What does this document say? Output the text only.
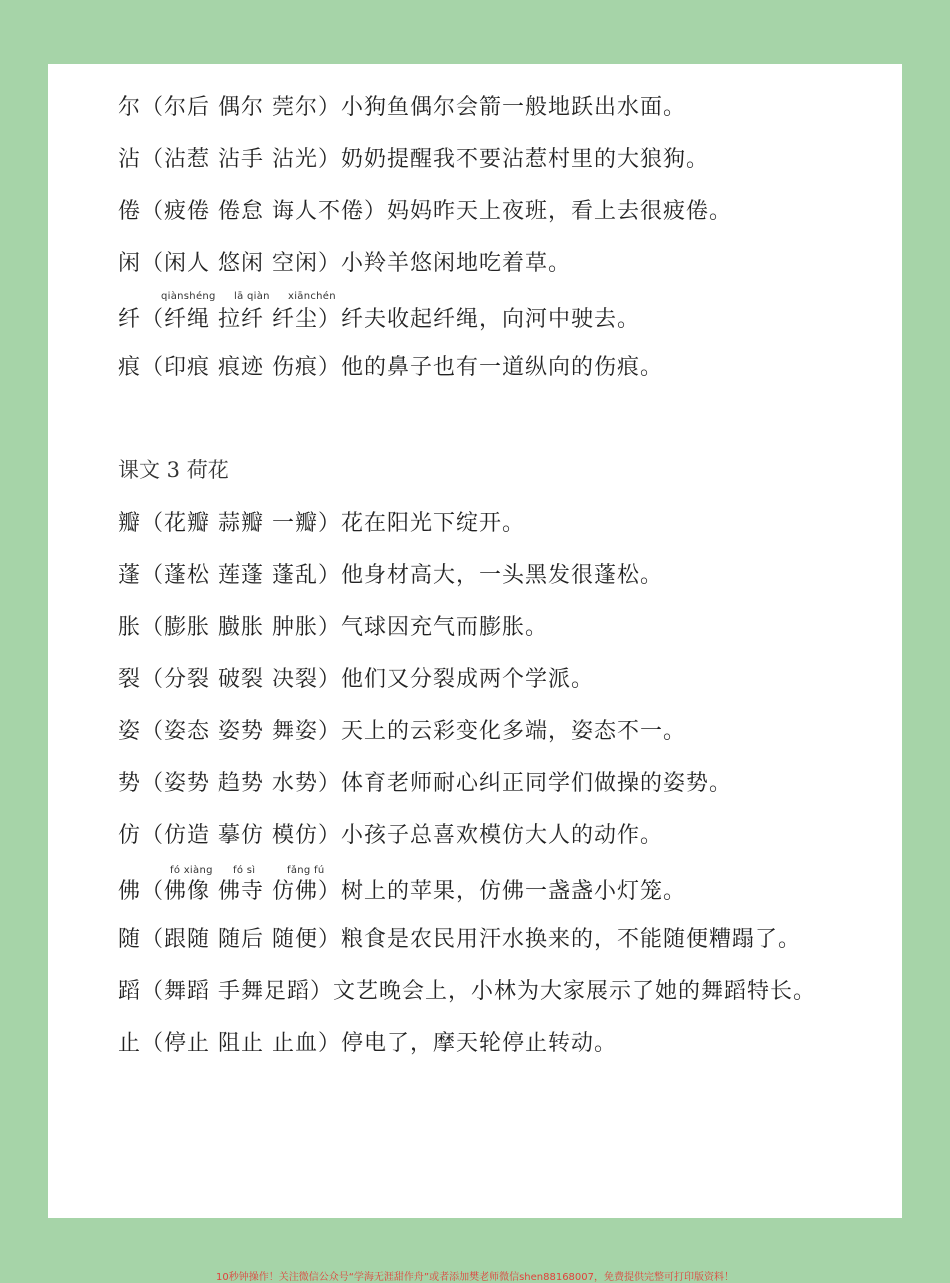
尔（尔后 偶尔 莞尔）小狗鱼偶尔会箭一般地跃出水面。
沾（沾惹 沾手 沾光）奶奶提醒我不要沾惹村里的大狼狗。
倦（疲倦 倦怠 诲人不倦）妈妈昨天上夜班，看上去很疲倦。
闲（闲人 悠闲 空闲）小羚羊悠闲地吃着草。
qiànshéng lā qiàn xiānchén
纤（纤绳 拉纤 纤尘）纤夫收起纤绳，向河中驶去。
痕（印痕 痕迹 伤痕）他的鼻子也有一道纵向的伤痕。
课文 3 荷花
瓣（花瓣 蒜瓣 一瓣）花在阳光下绽开。
蓬（蓬松 莲蓬 蓬乱）他身材高大，一头黑发很蓬松。
胀（膨胀 臌胀 肿胀）气球因充气而膨胀。
裂（分裂 破裂 决裂）他们又分裂成两个学派。
姿（姿态 姿势 舞姿）天上的云彩变化多端，姿态不一。
势（姿势 趋势 水势）体育老师耐心纠正同学们做操的姿势。
仿（仿造 摹仿 模仿）小孩子总喜欢模仿大人的动作。
fó xiàng fó sì	fǎng fú
佛（佛像 佛寺 仿佛）树上的苹果，仿佛一盏盏小灯笼。
随（跟随 随后 随便）粮食是农民用汗水换来的，不能随便糟蹋了。
蹈（舞蹈 手舞足蹈）文艺晚会上，小林为大家展示了她的舞蹈特长。
止（停止 阻止 止血）停电了，摩天轮停止转动。
10秒钟操作！关注微信公众号“学海无涯甜作舟”或者添加樊老师微信shen88168007，免费提供完整可打印版资料！
